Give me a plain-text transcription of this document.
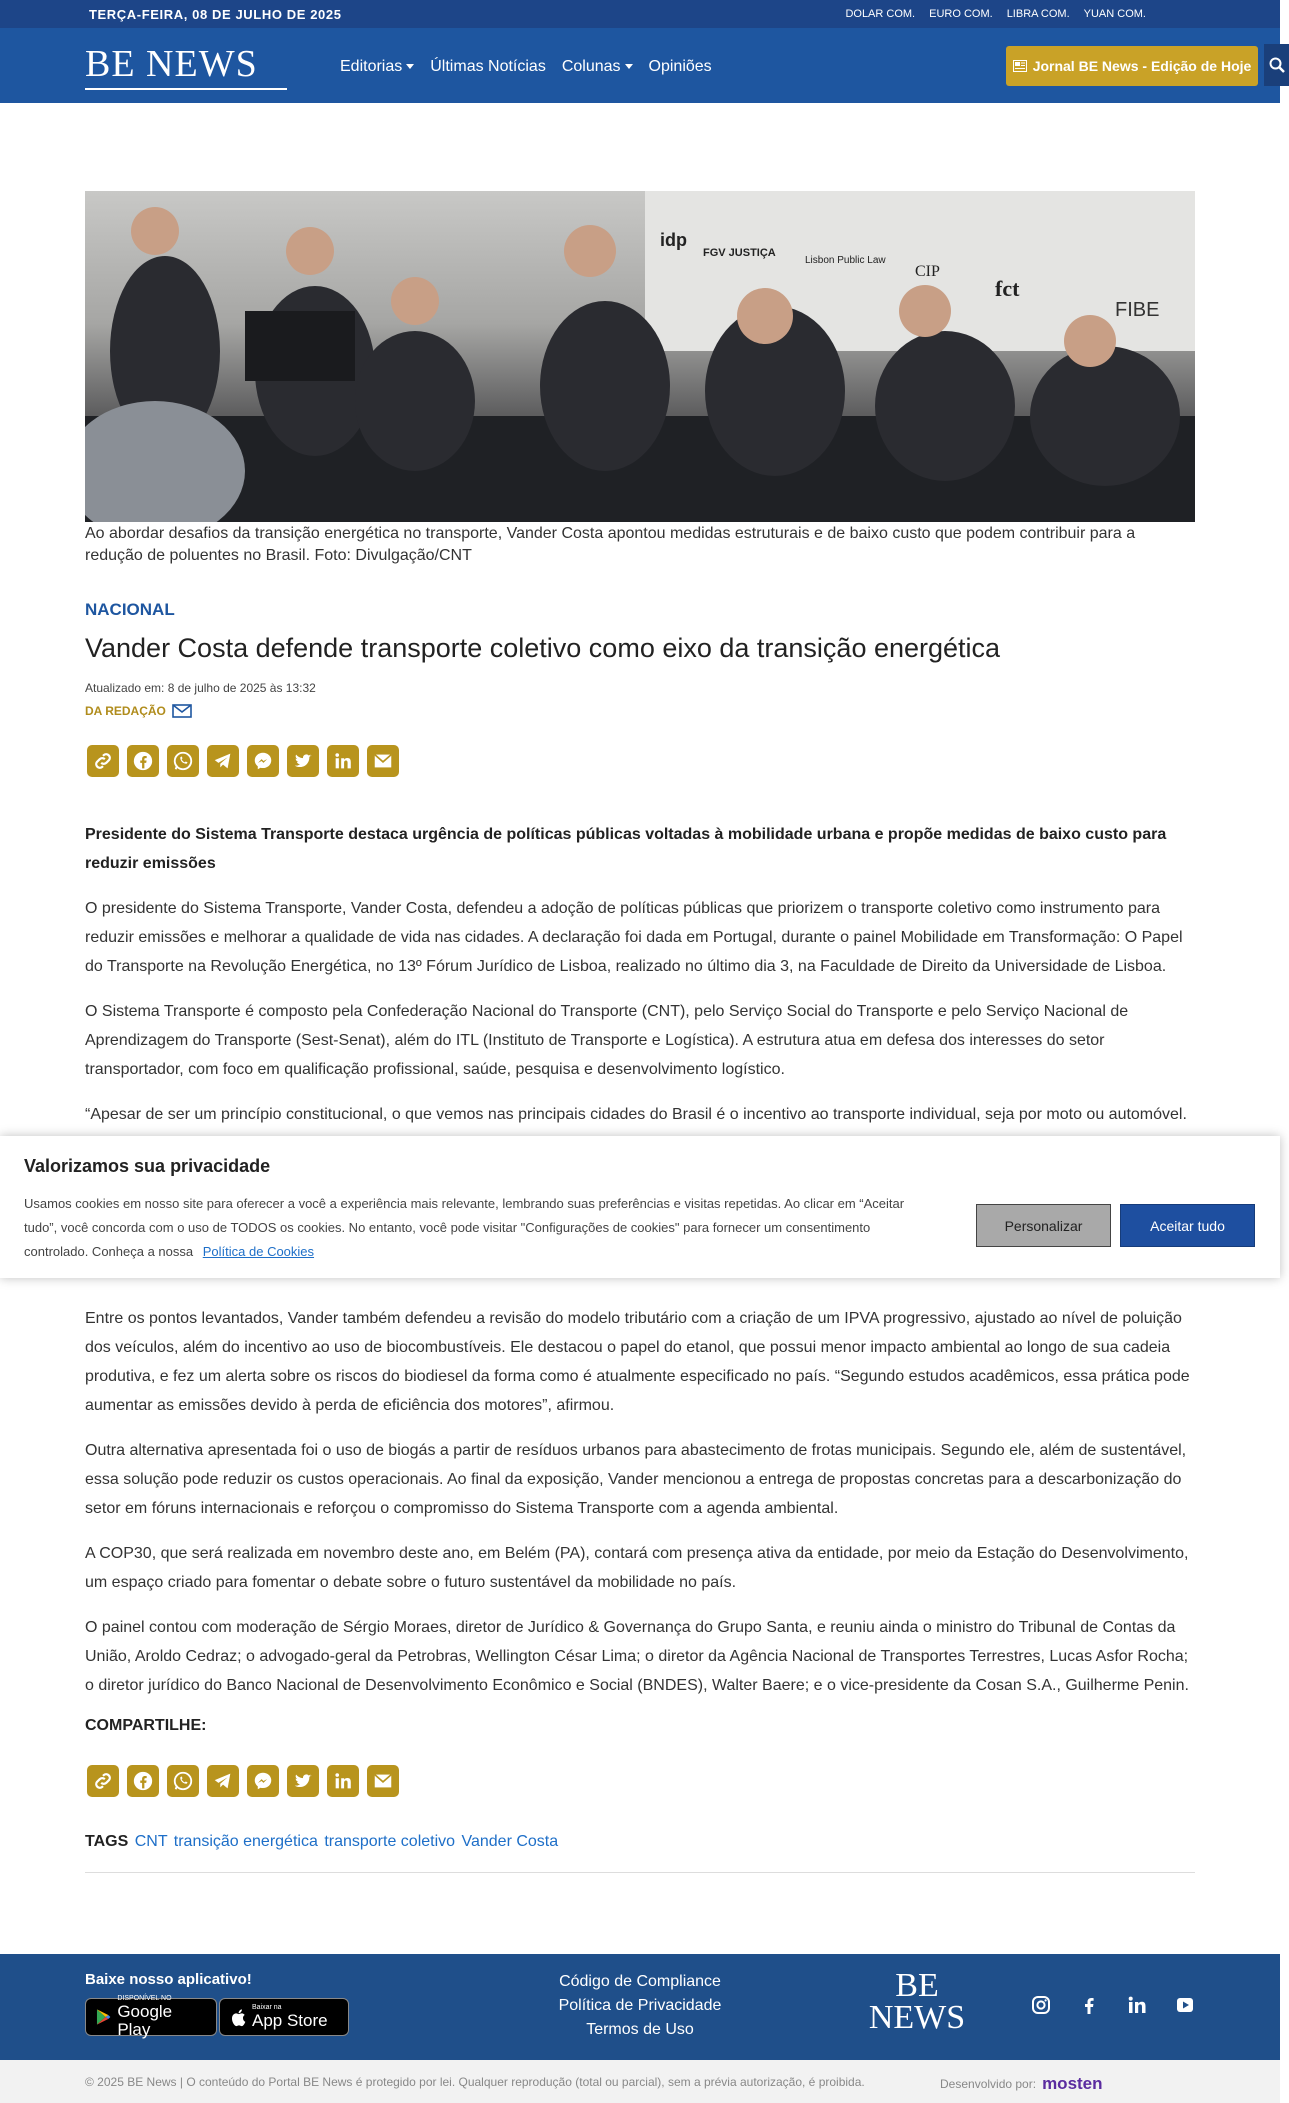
TERÇA-FEIRA, 08 DE JULHO DE 2025	DOLAR COM. EURO COM. LIBRA COM. YUAN COM.
BE NEWS	Editorias	Últimas Notícias Colunas	Opiniões	Jornal BE News - Edição de Hoje
idp
FGV JUSTIÇA
Lisbon Public Law
CIP
fct
FIBE
Ao abordar desafios da transição energética no transporte, Vander Costa apontou medidas estruturais e de baixo custo que podem contribuir para a redução de poluentes no Brasil. Foto: Divulgação/CNT
NACIONAL
Vander Costa defende transporte coletivo como eixo da transição energética
Atualizado em: 8 de julho de 2025 às 13:32
DA REDAÇÃO

Presidente do Sistema Transporte destaca urgência de políticas públicas voltadas à mobilidade urbana e propõe medidas de baixo custo para reduzir emissões

O presidente do Sistema Transporte, Vander Costa, defendeu a adoção de políticas públicas que priorizem o transporte coletivo como instrumento para reduzir emissões e melhorar a qualidade de vida nas cidades. A declaração foi dada em Portugal, durante o painel Mobilidade em Transformação: O Papel do Transporte na Revolução Energética, no 13º Fórum Jurídico de Lisboa, realizado no último dia 3, na Faculdade de Direito da Universidade de Lisboa.

O Sistema Transporte é composto pela Confederação Nacional do Transporte (CNT), pelo Serviço Social do Transporte e pelo Serviço Nacional de Aprendizagem do Transporte (Sest-Senat), além do ITL (Instituto de Transporte e Logística). A estrutura atua em defesa dos interesses do setor transportador, com foco em qualificação profissional, saúde, pesquisa e desenvolvimento logístico.

“Apesar de ser um princípio constitucional, o que vemos nas principais cidades do Brasil é o incentivo ao transporte individual, seja por moto ou automóvel.

Entre os pontos levantados, Vander também defendeu a revisão do modelo tributário com a criação de um IPVA progressivo, ajustado ao nível de poluição dos veículos, além do incentivo ao uso de biocombustíveis. Ele destacou o papel do etanol, que possui menor impacto ambiental ao longo de sua cadeia produtiva, e fez um alerta sobre os riscos do biodiesel da forma como é atualmente especificado no país. “Segundo estudos acadêmicos, essa prática pode aumentar as emissões devido à perda de eficiência dos motores”, afirmou.

Outra alternativa apresentada foi o uso de biogás a partir de resíduos urbanos para abastecimento de frotas municipais. Segundo ele, além de sustentável, essa solução pode reduzir os custos operacionais. Ao final da exposição, Vander mencionou a entrega de propostas concretas para a descarbonização do setor em fóruns internacionais e reforçou o compromisso do Sistema Transporte com a agenda ambiental.

A COP30, que será realizada em novembro deste ano, em Belém (PA), contará com presença ativa da entidade, por meio da Estação do Desenvolvimento, um espaço criado para fomentar o debate sobre o futuro sustentável da mobilidade no país.

O painel contou com moderação de Sérgio Moraes, diretor de Jurídico & Governança do Grupo Santa, e reuniu ainda o ministro do Tribunal de Contas da União, Aroldo Cedraz; o advogado-geral da Petrobras, Wellington César Lima; o diretor da Agência Nacional de Transportes Terrestres, Lucas Asfor Rocha; o diretor jurídico do Banco Nacional de Desenvolvimento Econômico e Social (BNDES), Walter Baere; e o vice-presidente da Cosan S.A., Guilherme Penin.

Valorizamos sua privacidade
Usamos cookies em nosso site para oferecer a você a experiência mais relevante, lembrando suas preferências e visitas repetidas. Ao clicar em “Aceitar tudo”, você concorda com o uso de TODOS os cookies. No entanto, você pode visitar "Configurações de cookies" para fornecer um consentimento controlado. Conheça a nossa Política de Cookies
Personalizar	Aceitar tudo
COMPARTILHE:
TAGS CNT transição energética transporte coletivo Vander Costa
Baixe nosso aplicativo!
DISPONÍVEL NO
Google Play
Baixar na
App Store
Código de Compliance
Política de Privacidade
Termos de Uso
BE NEWS
© 2025 BE News | O conteúdo do Portal BE News é protegido por lei. Qualquer reprodução (total ou parcial), sem a prévia autorização, é proibida.	Desenvolvido por: mosten
